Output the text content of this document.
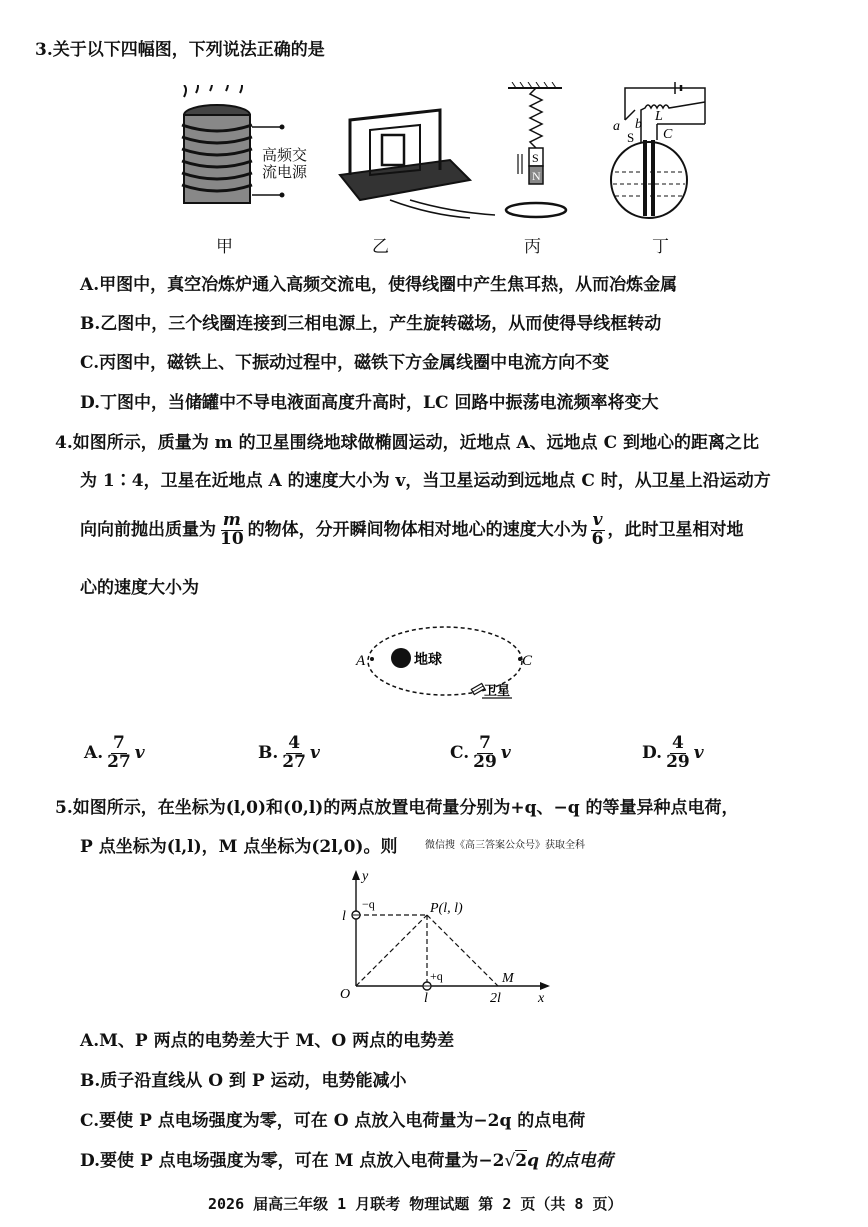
3.关于以下四幅图，下列说法正确的是
高频交
流电源
S
N
a b
S
L
C
甲	乙	丙	丁
A.甲图中，真空冶炼炉通入高频交流电，使得线圈中产生焦耳热，从而冶炼金属
B.乙图中，三个线圈连接到三相电源上，产生旋转磁场，从而使得导线框转动
C.丙图中，磁铁上、下振动过程中，磁铁下方金属线圈中电流方向不变
D.丁图中，当储罐中不导电液面高度升高时，LC 回路中振荡电流频率将变大
4.如图所示，质量为 m 的卫星围绕地球做椭圆运动，近地点 A、远地点 C 到地心的距离之比
为 1∶4，卫星在近地点 A 的速度大小为 v，当卫星运动到远地点 C 时，从卫星上沿运动方
向向前抛出质量为 $\frac{m}{10}$ 的物体，分开瞬间物体相对地心的速度大小为 $\frac{v}{6}$ ，此时卫星相对地
心的速度大小为
A	C
地球
卫星
A. $\frac{7}{27}$ v	B. $\frac{4}{27}$ v	C. $\frac{7}{29}$ v	D. $\frac{4}{29}$ v
5.如图所示，在坐标为(l,0)和(0,l)的两点放置电荷量分别为+q、−q 的等量异种点电荷，
P 点坐标为(l,l)，M 点坐标为(2l,0)。则	微信搜《高三答案公众号》获取全科
y
x
O
l
−q	P(l, l)
+q
l	2l
M
A.M、P 两点的电势差大于 M、O 两点的电势差
B.质子沿直线从 O 到 P 运动，电势能减小
C.要使 P 点电场强度为零，可在 O 点放入电荷量为−2q 的点电荷
D.要使 P 点电场强度为零，可在 M 点放入电荷量为−2√2q 的点电荷
2026 届高三年级 1 月联考 物理试题 第 2 页（共 8 页）
